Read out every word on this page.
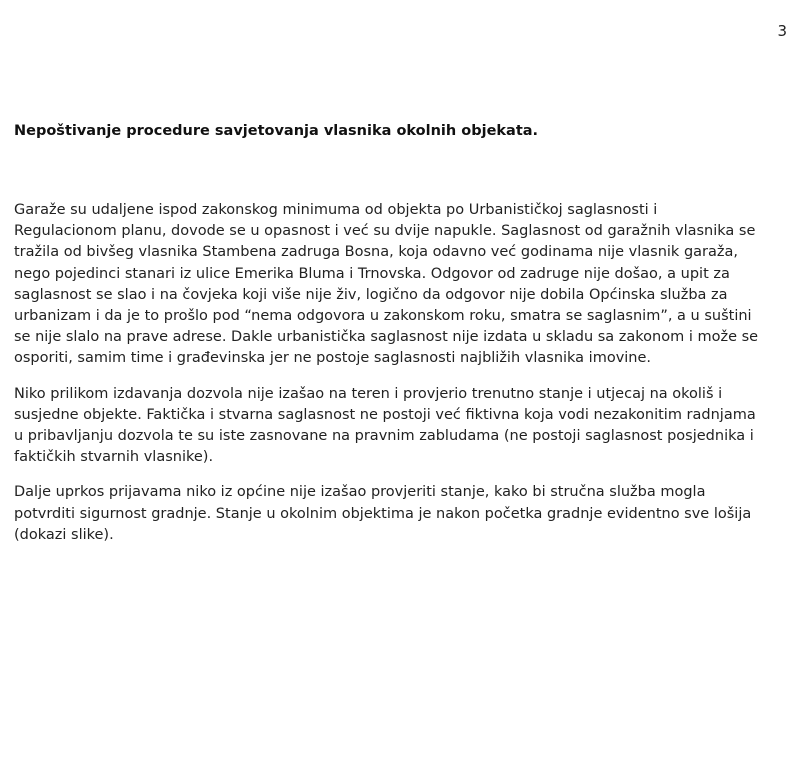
3
Nepoštivanje procedure savjetovanja vlasnika okolnih objekata.

Garaže su udaljene ispod zakonskog minimuma od objekta po Urbanističkoj saglasnosti i
Regulacionom planu, dovode se u opasnost i već su dvije napukle. Saglasnost od garažnih vlasnika se
tražila od bivšeg vlasnika Stambena zadruga Bosna, koja odavno već godinama nije vlasnik garaža,
nego pojedinci stanari iz ulice Emerika Bluma i Trnovska. Odgovor od zadruge nije došao, a upit za
saglasnost se slao i na čovjeka koji više nije živ, logično da odgovor nije dobila Općinska služba za
urbanizam i da je to prošlo pod “nema odgovora u zakonskom roku, smatra se saglasnim”, a u suštini
se nije slalo na prave adrese. Dakle urbanistička saglasnost nije izdata u skladu sa zakonom i može se
osporiti, samim time i građevinska jer ne postoje saglasnosti najbližih vlasnika imovine.

Niko prilikom izdavanja dozvola nije izašao na teren i provjerio trenutno stanje i utjecaj na okoliš i
susjedne objekte. Faktička i stvarna saglasnost ne postoji već fiktivna koja vodi nezakonitim radnjama
u pribavljanju dozvola te su iste zasnovane na pravnim zabludama (ne postoji saglasnost posjednika i
faktičkih stvarnih vlasnike).

Dalje uprkos prijavama niko iz općine nije izašao provjeriti stanje, kako bi stručna služba mogla
potvrditi sigurnost gradnje. Stanje u okolnim objektima je nakon početka gradnje evidentno sve lošija
(dokazi slike).
